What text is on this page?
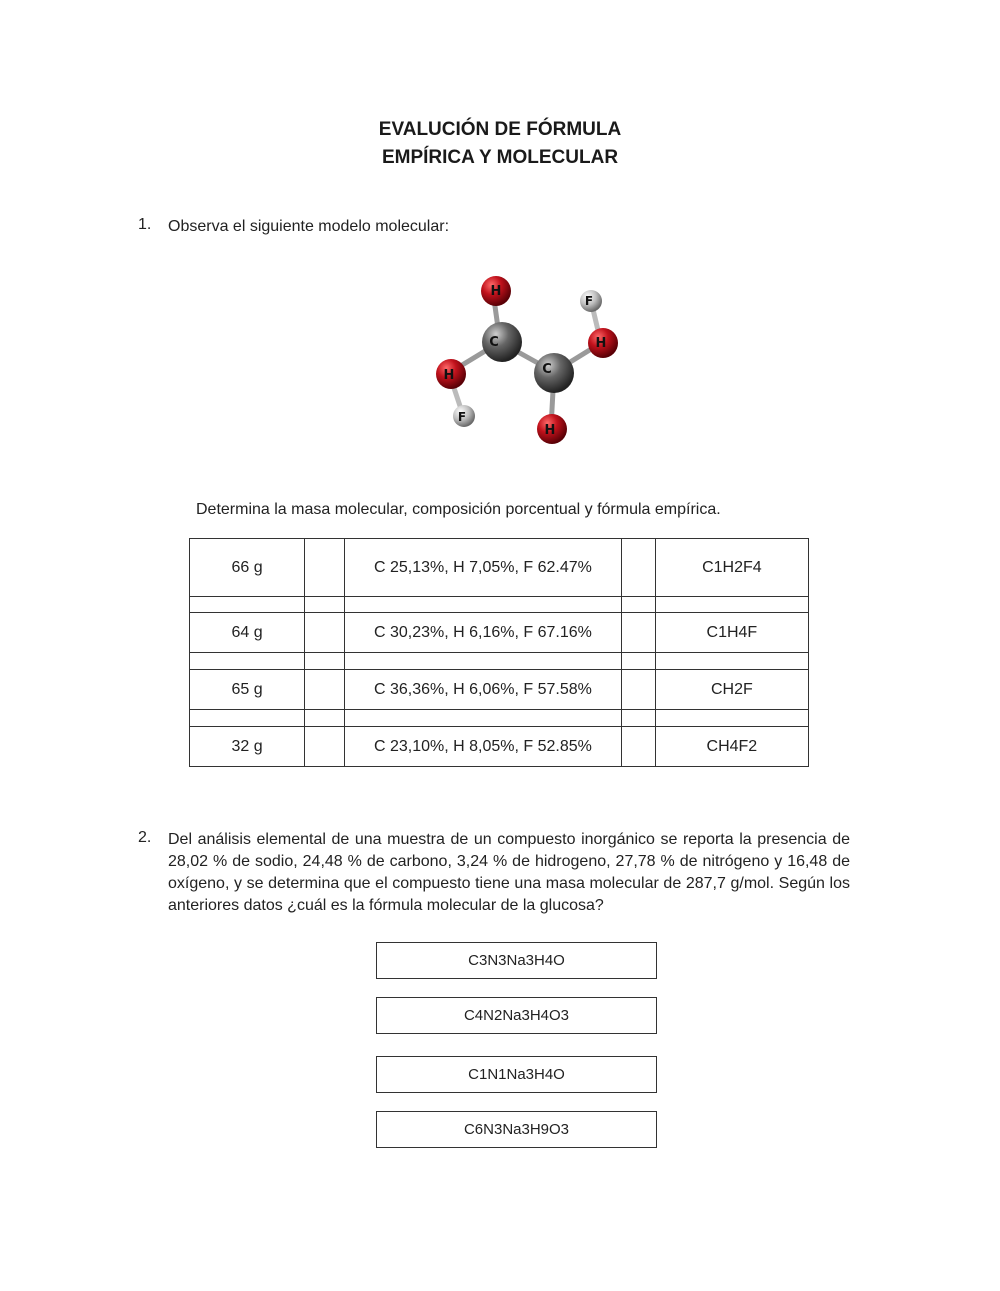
EVALUCIÓN DE FÓRMULA
EMPÍRICA Y MOLECULAR
1. Observa el siguiente modelo molecular:
H
F
C	H
C
H
F
H
Determina la masa molecular, composición porcentual y fórmula empírica.
66 g		C 25,13%, H 7,05%, F 62.47%		C1H2F4

64 g		C 30,23%, H 6,16%, F 67.16%		C1H4F

65 g		C 36,36%, H 6,06%, F 57.58%		CH2F

32 g		C 23,10%, H 8,05%, F 52.85%		CH4F2
2. Del análisis elemental de una muestra de un compuesto inorgánico se reporta la presencia de 28,02 % de sodio, 24,48 % de carbono, 3,24 % de hidrogeno, 27,78 % de nitrógeno y 16,48 de oxígeno, y se determina que el compuesto tiene una masa molecular de 287,7 g/mol. Según los anteriores datos ¿cuál es la fórmula molecular de la glucosa?
C3N3Na3H4O
C4N2Na3H4O3
C1N1Na3H4O
C6N3Na3H9O3
